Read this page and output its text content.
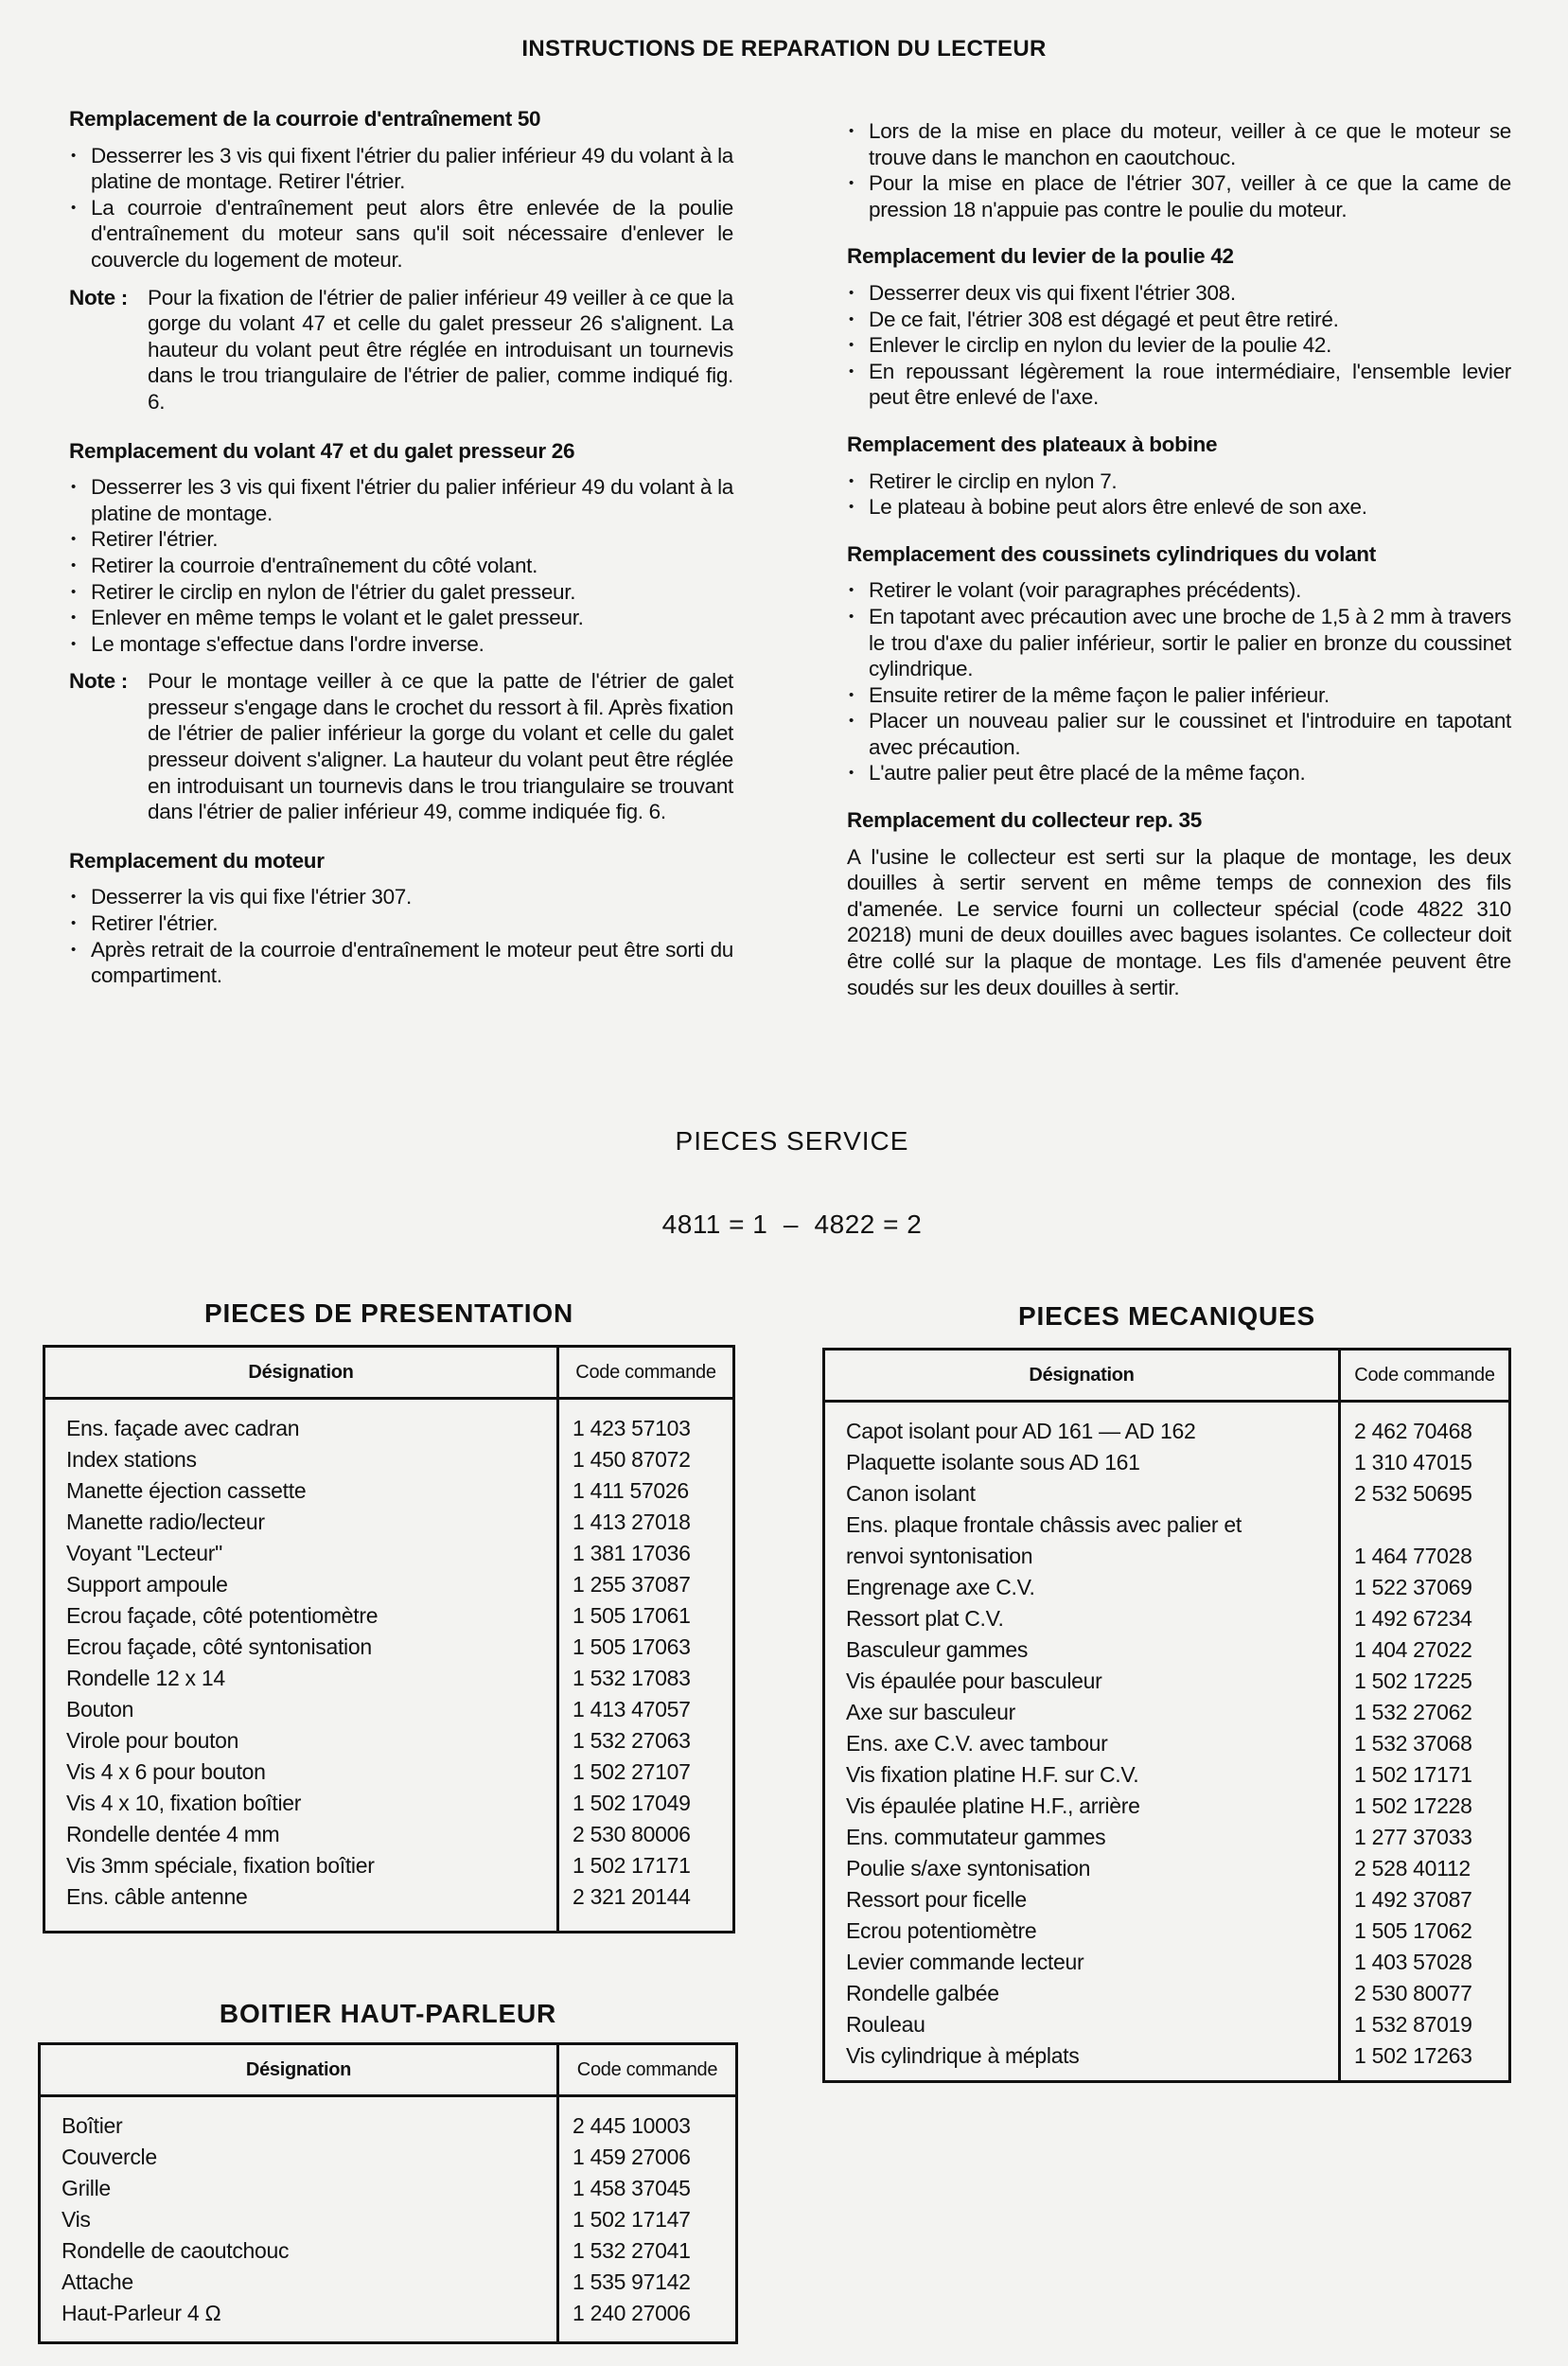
INSTRUCTIONS DE REPARATION DU LECTEUR
Remplacement de la courroie d'entraînement 50
• Desserrer les 3 vis qui fixent l'étrier du palier inférieur 49 du volant à la platine de montage. Retirer l'étrier.
• La courroie d'entraînement peut alors être enlevée de la poulie d'entraînement du moteur sans qu'il soit nécessaire d'enlever le couvercle du logement de moteur.
Note : Pour la fixation de l'étrier de palier inférieur 49 veiller à ce que la gorge du volant 47 et celle du galet presseur 26 s'alignent. La hauteur du volant peut être réglée en introduisant un tournevis dans le trou triangulaire de l'étrier de palier, comme indiqué fig. 6.
Remplacement du volant 47 et du galet presseur 26
• Desserrer les 3 vis qui fixent l'étrier du palier inférieur 49 du volant à la platine de montage.
• Retirer l'étrier.
• Retirer la courroie d'entraînement du côté volant.
• Retirer le circlip en nylon de l'étrier du galet presseur.
• Enlever en même temps le volant et le galet presseur.
• Le montage s'effectue dans l'ordre inverse.
Note : Pour le montage veiller à ce que la patte de l'étrier de galet presseur s'engage dans le crochet du ressort à fil. Après fixation de l'étrier de palier inférieur la gorge du volant et celle du galet presseur doivent s'aligner. La hauteur du volant peut être réglée en introduisant un tournevis dans le trou triangulaire se trouvant dans l'étrier de palier inférieur 49, comme indiquée fig. 6.
Remplacement du moteur
• Desserrer la vis qui fixe l'étrier 307.
• Retirer l'étrier.
• Après retrait de la courroie d'entraînement le moteur peut être sorti du compartiment.
• Lors de la mise en place du moteur, veiller à ce que le moteur se trouve dans le manchon en caoutchouc.
• Pour la mise en place de l'étrier 307, veiller à ce que la came de pression 18 n'appuie pas contre le poulie du moteur.
Remplacement du levier de la poulie 42
• Desserrer deux vis qui fixent l'étrier 308.
• De ce fait, l'étrier 308 est dégagé et peut être retiré.
• Enlever le circlip en nylon du levier de la poulie 42.
• En repoussant légèrement la roue intermédiaire, l'ensemble levier peut être enlevé de l'axe.
Remplacement des plateaux à bobine
• Retirer le circlip en nylon 7.
• Le plateau à bobine peut alors être enlevé de son axe.
Remplacement des coussinets cylindriques du volant
• Retirer le volant (voir paragraphes précédents).
• En tapotant avec précaution avec une broche de 1,5 à 2 mm à travers le trou d'axe du palier inférieur, sortir le palier en bronze du coussinet cylindrique.
• Ensuite retirer de la même façon le palier inférieur.
• Placer un nouveau palier sur le coussinet et l'introduire en tapotant avec précaution.
• L'autre palier peut être placé de la même façon.
Remplacement du collecteur rep. 35
A l'usine le collecteur est serti sur la plaque de montage, les deux douilles à sertir servent en même temps de connexion des fils d'amenée. Le service fourni un collecteur spécial (code 4822 310 20218) muni de deux douilles avec bagues isolantes. Ce collecteur doit être collé sur la plaque de montage. Les fils d'amenée peuvent être soudés sur les deux douilles à sertir.
PIECES SERVICE
4811 = 1  –  4822 = 2
PIECES DE PRESENTATION
Désignation	Code commande

Ens. façade avec cadran	1 423 57103
Index stations	1 450 87072
Manette éjection cassette	1 411 57026
Manette radio/lecteur	1 413 27018
Voyant "Lecteur"	1 381 17036
Support ampoule	1 255 37087
Ecrou façade, côté potentiomètre	1 505 17061
Ecrou façade, côté syntonisation	1 505 17063
Rondelle 12 x 14	1 532 17083
Bouton	1 413 47057
Virole pour bouton	1 532 27063
Vis 4 x 6 pour bouton	1 502 27107
Vis 4 x 10, fixation boîtier	1 502 17049
Rondelle dentée 4 mm	2 530 80006
Vis 3mm spéciale, fixation boîtier	1 502 17171
Ens. câble antenne	2 321 20144

PIECES MECANIQUES
Désignation	Code commande

Capot isolant pour AD 161 — AD 162	2 462 70468
Plaquette isolante sous AD 161	1 310 47015
Canon isolant	2 532 50695
Ens. plaque frontale châssis avec palier et	
renvoi syntonisation	1 464 77028
Engrenage axe C.V.	1 522 37069
Ressort plat C.V.	1 492 67234
Basculeur gammes	1 404 27022
Vis épaulée pour basculeur	1 502 17225
Axe sur basculeur	1 532 27062
Ens. axe C.V. avec tambour	1 532 37068
Vis fixation platine H.F. sur C.V.	1 502 17171
Vis épaulée platine H.F., arrière	1 502 17228
Ens. commutateur gammes	1 277 37033
Poulie s/axe syntonisation	2 528 40112
Ressort pour ficelle	1 492 37087
Ecrou potentiomètre	1 505 17062
Levier commande lecteur	1 403 57028
Rondelle galbée	2 530 80077
Rouleau	1 532 87019
Vis cylindrique à méplats	1 502 17263

BOITIER HAUT-PARLEUR
Désignation	Code commande

Boîtier	2 445 10003
Couvercle	1 459 27006
Grille	1 458 37045
Vis	1 502 17147
Rondelle de caoutchouc	1 532 27041
Attache	1 535 97142
Haut-Parleur 4 Ω	1 240 27006
